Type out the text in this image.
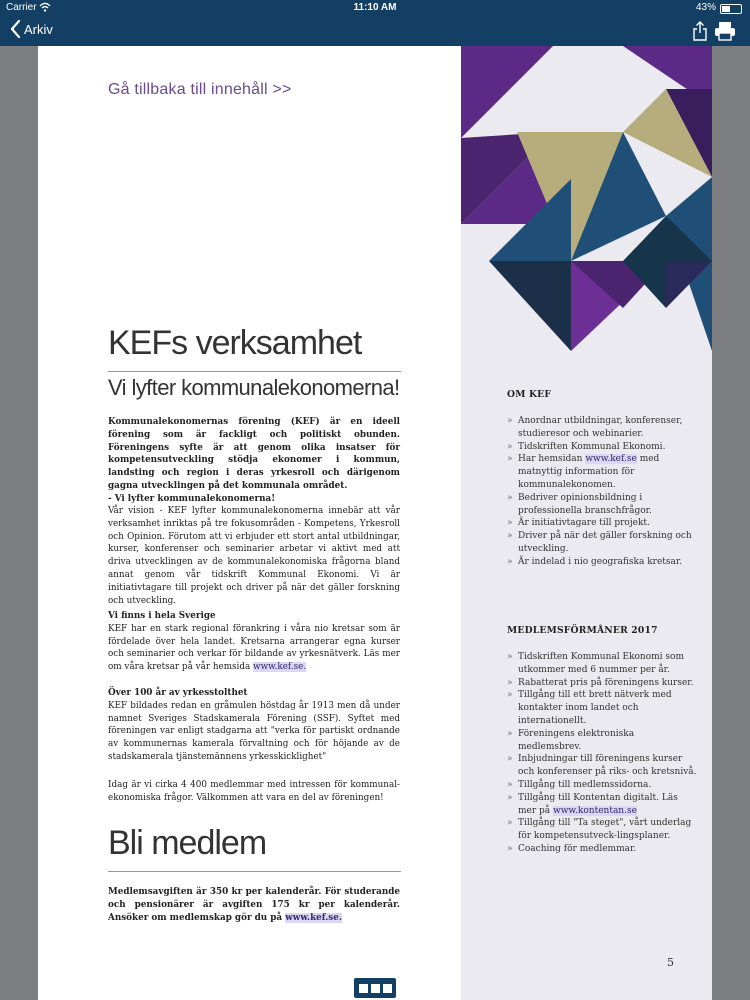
Carrier	11:10 AM	43%
Arkiv
Gå tillbaka till innehåll >>
KEFs verksamhet
Vi lyfter kommunalekonomerna!

Kommunalekonomernas förening (KEF) är en ideell förening som är fackligt och politiskt obunden. Föreningens syfte är att genom olika insatser för kompetensutveckling stödja ekonomer i kommun, landsting och region i deras yrkesroll och därigenom gagna utvecklingen på det kommunala området.
- Vi lyfter kommunalekonomerna!

Vår vision - KEF lyfter kommunalekonomerna innebär att vår verksamhet inriktas på tre fokusområden - Kompetens, Yrkesroll och Opinion. Förutom att vi erbjuder ett stort antal utbildningar, kurser, konferenser och seminarier arbetar vi aktivt med att driva utvecklingen av de kommunalekonomiska frågorna bland annat genom vår tidskrift Kommunal Ekonomi. Vi är initiativtagare till projekt och driver på när det gäller forskning och utveckling.

Vi finns i hela Sverige
KEF har en stark regional förankring i våra nio kretsar som är fördelade över hela landet. Kretsarna arrangerar egna kurser och seminarier och verkar för bildande av yrkesnätverk. Läs mer om våra kretsar på vår hemsida www.kef.se.

Över 100 år av yrkesstolthet
KEF bildades redan en gråmulen höstdag år 1913 men då under namnet Sveriges Stadskamerala Förening (SSF). Syftet med föreningen var enligt stadgarna att "verka för partiskt ordnande av kommunernas kamerala förvaltning och för höjande av de stadskamerala tjänstemännens yrkesskicklighet"

Idag är vi cirka 4 400 medlemmar med intressen för kommunal-ekonomiska frågor. Välkommen att vara en del av föreningen!

Bli medlem

Medlemsavgiften är 350 kr per kalenderår. För studerande och pensionärer är avgiften 175 kr per kalenderår. Ansöker om medlemskap gör du på www.kef.se.

OM KEF
» Anordnar utbildningar, konferenser, studieresor och webinarier.
» Tidskriften Kommunal Ekonomi.
» Har hemsidan www.kef.se med matnyttig information för kommunalekonomen.
» Bedriver opinionsbildning i professionella branschfrågor.
» Är initiativtagare till projekt.
» Driver på när det gäller forskning och utveckling.
» Är indelad i nio geografiska kretsar.
MEDLEMSFÖRMÅNER 2017
» Tidskriften Kommunal Ekonomi som utkommer med 6 nummer per år.
» Rabatterat pris på föreningens kurser.
» Tillgång till ett brett nätverk med kontakter inom landet och internationellt.
» Föreningens elektroniska medlemsbrev.
» Inbjudningar till föreningens kurser och konferenser på riks- och kretsnivå.
» Tillgång till medlemssidorna.
» Tillgång till Kontentan digitalt. Läs mer på www.kontentan.se
» Tillgång till "Ta steget", vårt underlag för kompetensutveck-lingsplaner.
» Coaching för medlemmar.
5
